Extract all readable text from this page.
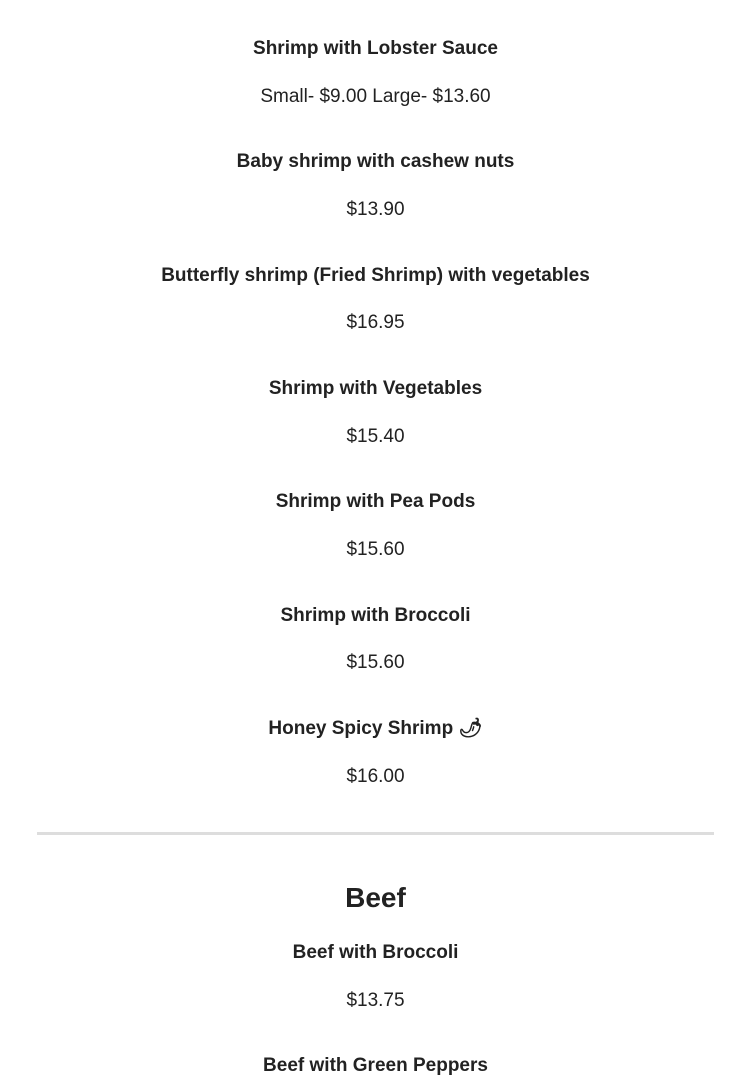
Shrimp with Lobster Sauce

Small- $9.00 Large- $13.60

Baby shrimp with cashew nuts

$13.90

Butterfly shrimp (Fried Shrimp) with vegetables

$16.95

Shrimp with Vegetables

$15.40

Shrimp with Pea Pods

$15.60

Shrimp with Broccoli

$15.60

Honey Spicy Shrimp 🌶

$16.00

Beef
Beef with Broccoli

$13.75

Beef with Green Peppers
